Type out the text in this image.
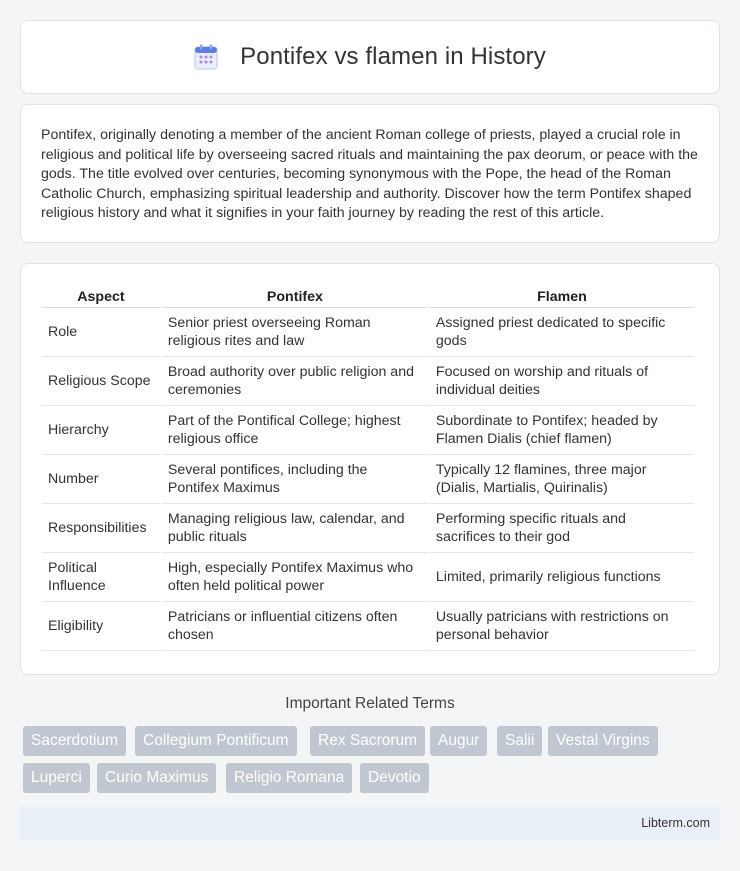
Pontifex vs flamen in History

Pontifex, originally denoting a member of the ancient Roman college of priests, played a crucial role in religious and political life by overseeing sacred rituals and maintaining the pax deorum, or peace with the gods. The title evolved over centuries, becoming synonymous with the Pope, the head of the Roman Catholic Church, emphasizing spiritual leadership and authority. Discover how the term Pontifex shaped religious history and what it signifies in your faith journey by reading the rest of this article.

Aspect	Pontifex	Flamen
Role	Senior priest overseeing Roman religious rites and law	Assigned priest dedicated to specific gods
Religious Scope	Broad authority over public religion and ceremonies	Focused on worship and rituals of individual deities
Hierarchy	Part of the Pontifical College; highest religious office	Subordinate to Pontifex; headed by Flamen Dialis (chief flamen)
Number	Several pontifices, including the Pontifex Maximus	Typically 12 flamines, three major (Dialis, Martialis, Quirinalis)
Responsibilities	Managing religious law, calendar, and public rituals	Performing specific rituals and sacrifices to their god
Political Influence	High, especially Pontifex Maximus who often held political power	Limited, primarily religious functions
Eligibility	Patricians or influential citizens often chosen	Usually patricians with restrictions on personal behavior
Important Related Terms
Sacerdotium	Collegium Pontificum	Rex Sacrorum	Augur	Salii	Vestal Virgins
Luperci	Curio Maximus	Religio Romana	Devotio
Libterm.com
